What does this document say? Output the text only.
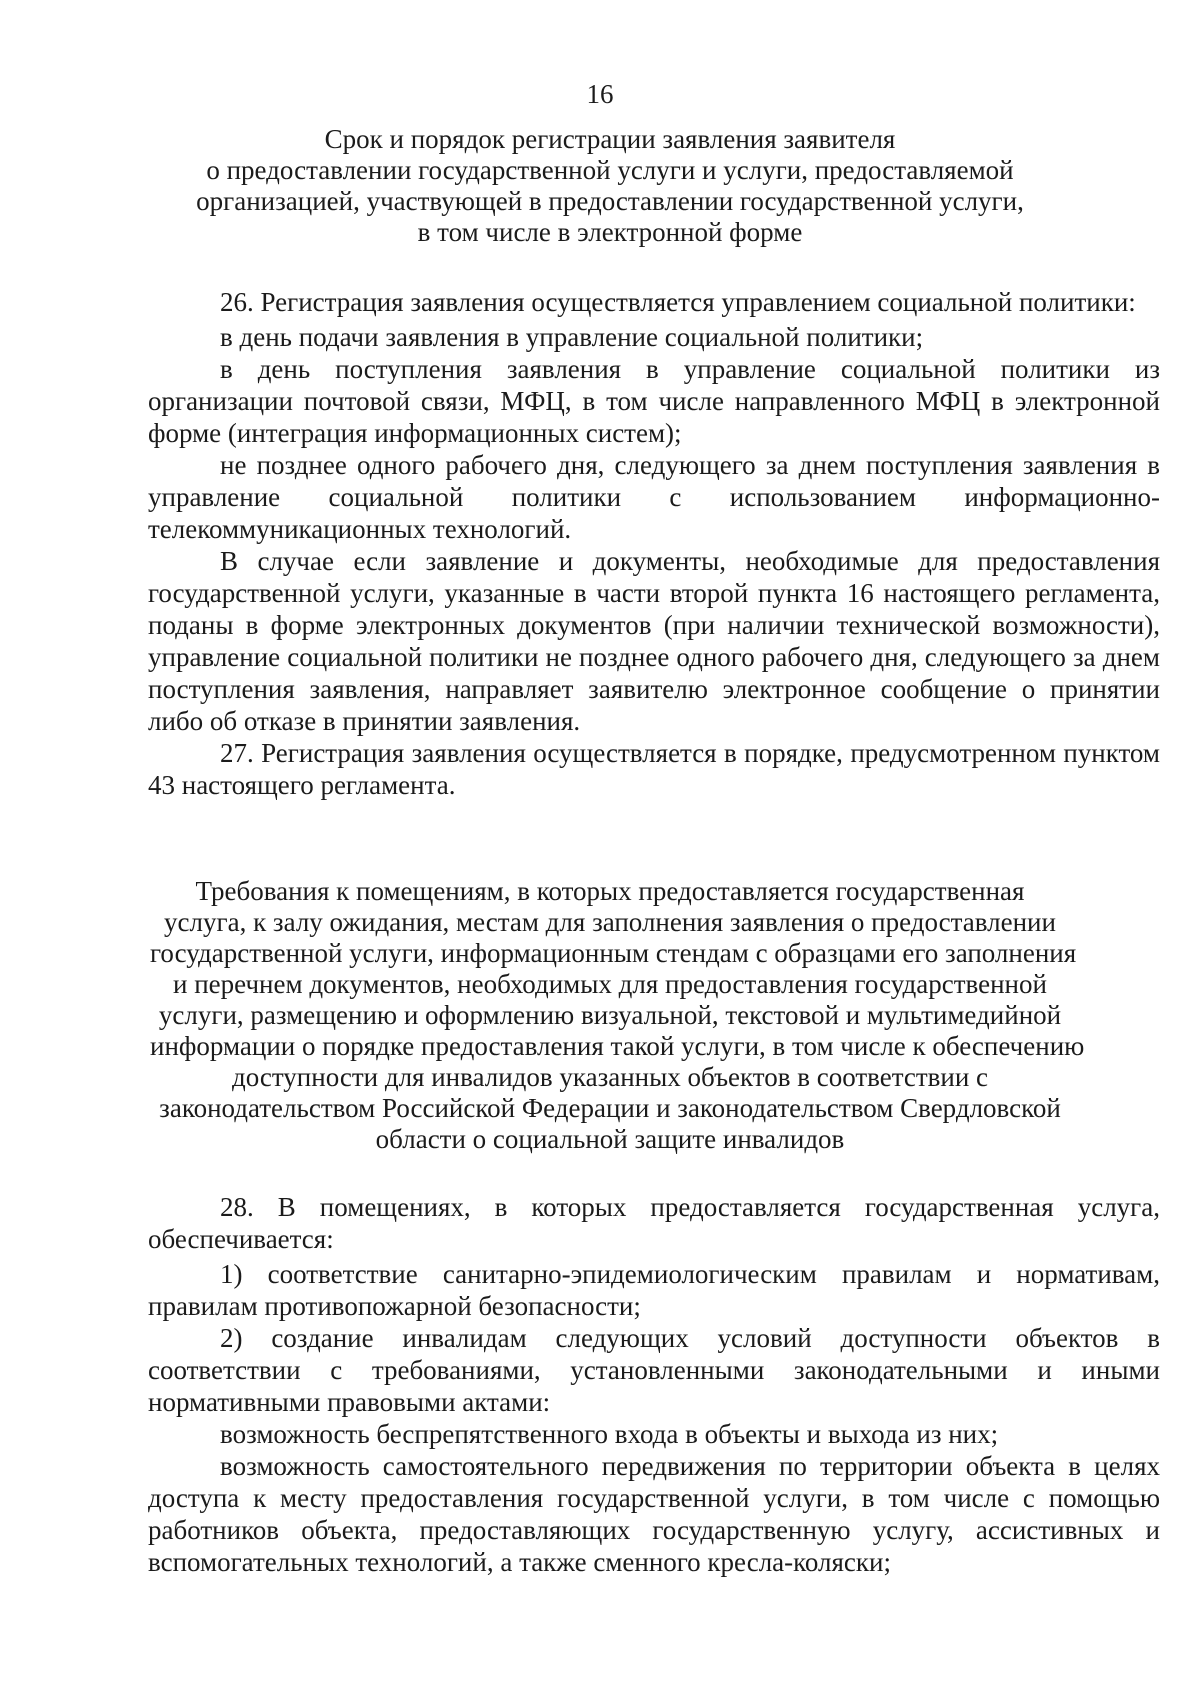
16
Срок и порядок регистрации заявления заявителя
о предоставлении государственной услуги и услуги, предоставляемой
организацией, участвующей в предоставлении государственной услуги,
в том числе в электронной форме

26. Регистрация заявления осуществляется управлением социальной политики:

в день подачи заявления в управление социальной политики;

в день поступления заявления в управление социальной политики из организации почтовой связи, МФЦ, в том числе направленного МФЦ в электронной форме (интеграция информационных систем);

не позднее одного рабочего дня, следующего за днем поступления заявления в управление социальной политики с использованием информационно-телекоммуникационных технологий.

В случае если заявление и документы, необходимые для предоставления государственной услуги, указанные в части второй пункта 16 настоящего регламента, поданы в форме электронных документов (при наличии технической возможности), управление социальной политики не позднее одного рабочего дня, следующего за днем поступления заявления, направляет заявителю электронное сообщение о принятии либо об отказе в принятии заявления.

27. Регистрация заявления осуществляется в порядке, предусмотренном пунктом 43 настоящего регламента.

Требования к помещениям, в которых предоставляется государственная
услуга, к залу ожидания, местам для заполнения заявления о предоставлении
государственной услуги, информационным стендам с образцами его заполнения
и перечнем документов, необходимых для предоставления государственной
услуги, размещению и оформлению визуальной, текстовой и мультимедийной
информации о порядке предоставления такой услуги, в том числе к обеспечению
доступности для инвалидов указанных объектов в соответствии с
законодательством Российской Федерации и законодательством Свердловской
области о социальной защите инвалидов

28. В помещениях, в которых предоставляется государственная услуга, обеспечивается:

1) соответствие санитарно-эпидемиологическим правилам и нормативам, правилам противопожарной безопасности;

2) создание инвалидам следующих условий доступности объектов в соответствии с требованиями, установленными законодательными и иными нормативными правовыми актами:

возможность беспрепятственного входа в объекты и выхода из них;

возможность самостоятельного передвижения по территории объекта в целях доступа к месту предоставления государственной услуги, в том числе с помощью работников объекта, предоставляющих государственную услугу, ассистивных и вспомогательных технологий, а также сменного кресла-коляски;
